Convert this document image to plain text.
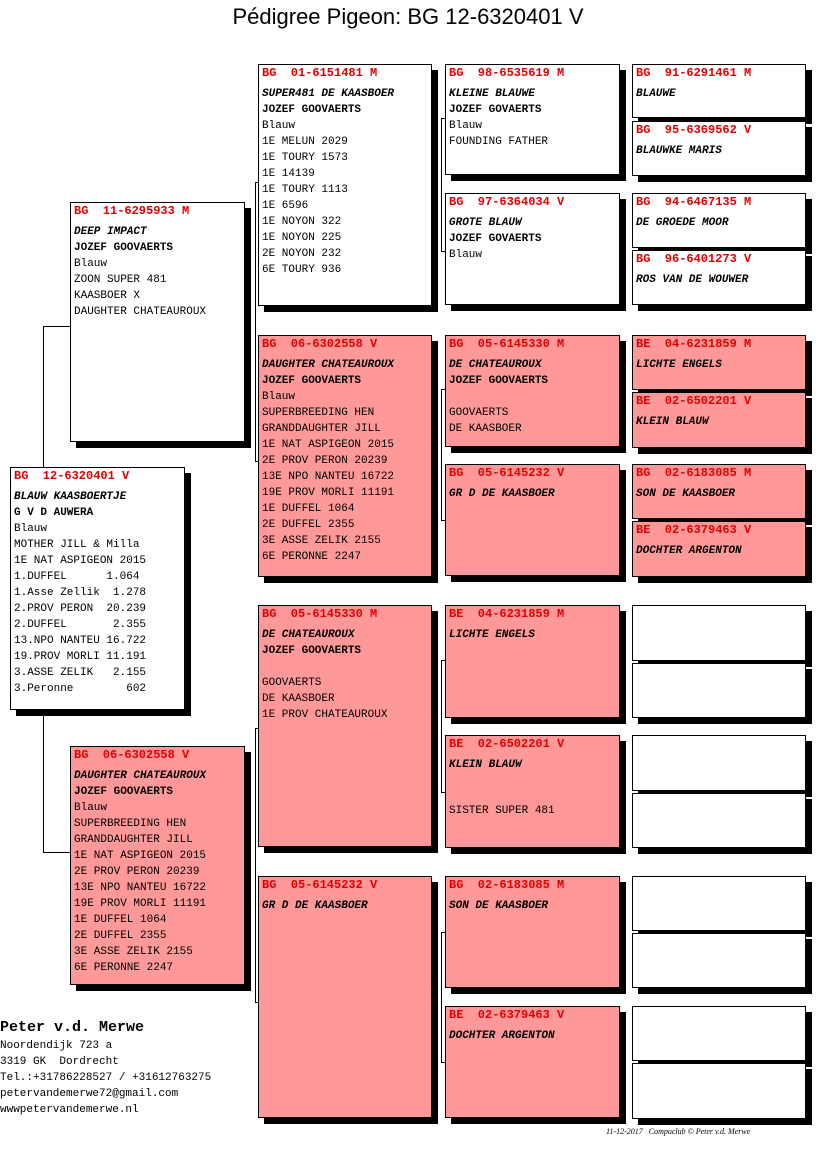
Pédigree Pigeon: BG 12-6320401 V
BG  12-6320401 V
BLAUW KAASBOERTJE
G V D AUWERA
Blauw
MOTHER JILL & Milla
1E NAT ASPIGEON 2015
1.DUFFEL      1.064
1.Asse Zellik  1.278
2.PROV PERON  20.239
2.DUFFEL       2.355
13.NPO NANTEU 16.722
19.PROV MORLI 11.191
3.ASSE ZELIK   2.155
3.Peronne        602
BG  11-6295933 M
DEEP IMPACT
JOZEF GOOVAERTS
Blauw
ZOON SUPER 481
KAASBOER X
DAUGHTER CHATEAUROUX
BG  06-6302558 V
DAUGHTER CHATEAUROUX
JOZEF GOOVAERTS
Blauw
SUPERBREEDING HEN
GRANDDAUGHTER JILL
1E NAT ASPIGEON 2015
2E PROV PERON 20239
13E NPO NANTEU 16722
19E PROV MORLI 11191
1E DUFFEL 1064
2E DUFFEL 2355
3E ASSE ZELIK 2155
6E PERONNE 2247
BG  01-6151481 M
SUPER481 DE KAASBOER
JOZEF GOOVAERTS
Blauw
1E MELUN 2029
1E TOURY 1573
1E 14139
1E TOURY 1113
1E 6596
1E NOYON 322
1E NOYON 225
2E NOYON 232
6E TOURY 936
BG  06-6302558 V
DAUGHTER CHATEAUROUX
JOZEF GOOVAERTS
Blauw
SUPERBREEDING HEN
GRANDDAUGHTER JILL
1E NAT ASPIGEON 2015
2E PROV PERON 20239
13E NPO NANTEU 16722
19E PROV MORLI 11191
1E DUFFEL 1064
2E DUFFEL 2355
3E ASSE ZELIK 2155
6E PERONNE 2247
BG  05-6145330 M
DE CHATEAUROUX
JOZEF GOOVAERTS
GOOVAERTS
DE KAASBOER
1E PROV CHATEAUROUX
BG  05-6145232 V
GR D DE KAASBOER
BG  98-6535619 M
KLEINE BLAUWE
JOZEF GOVAERTS
Blauw
FOUNDING FATHER
BG  97-6364034 V
GROTE BLAUW
JOZEF GOVAERTS
Blauw
BG  05-6145330 M
DE CHATEAUROUX
JOZEF GOOVAERTS
GOOVAERTS
DE KAASBOER
BG  05-6145232 V
GR D DE KAASBOER
BE  04-6231859 M
LICHTE ENGELS
BE  02-6502201 V
KLEIN BLAUW
SISTER SUPER 481
BG  02-6183085 M
SON DE KAASBOER
BE  02-6379463 V
DOCHTER ARGENTON
BG  91-6291461 M
BLAUWE
BG  95-6369562 V
BLAUWKE MARIS
BG  94-6467135 M
DE GROEDE MOOR
BG  96-6401273 V
ROS VAN DE WOUWER
BE  04-6231859 M
LICHTE ENGELS
BE  02-6502201 V
KLEIN BLAUW
BG  02-6183085 M
SON DE KAASBOER
BE  02-6379463 V
DOCHTER ARGENTON
Peter v.d. Merwe
Noordendijk 723 a
3319 GK  Dordrecht
Tel.:+31786228527 / +31612763275
petervandemerwe72@gmail.com
wwwpetervandemerwe.nl
11-12-2017   Compuclub © Peter v.d. Merwe
